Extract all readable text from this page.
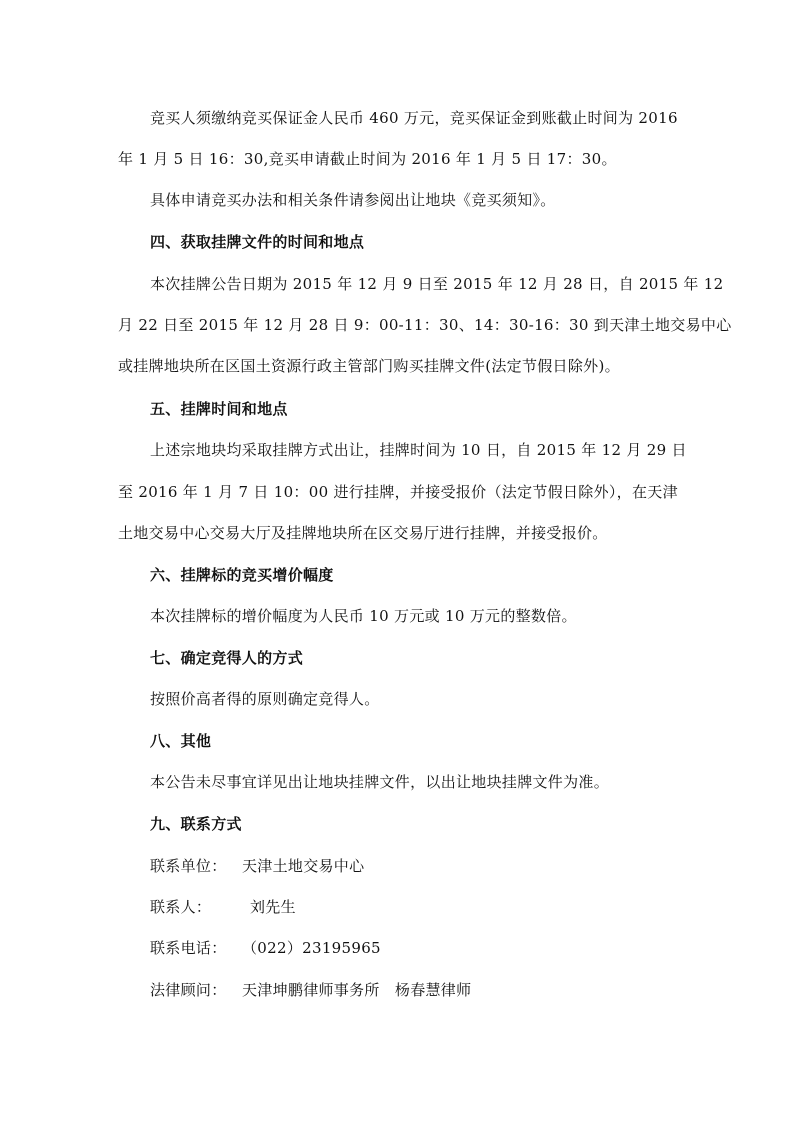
竞买人须缴纳竞买保证金人民币 460 万元，竞买保证金到账截止时间为 2016
年 1 月 5 日 16：30,竞买申请截止时间为 2016 年 1 月 5 日 17：30。
具体申请竞买办法和相关条件请参阅出让地块《竞买须知》。
四、获取挂牌文件的时间和地点
本次挂牌公告日期为 2015 年 12 月 9 日至 2015 年 12 月 28 日，自 2015 年 12
月 22 日至 2015 年 12 月 28 日 9：00-11：30、14：30-16：30 到天津土地交易中心
或挂牌地块所在区国土资源行政主管部门购买挂牌文件(法定节假日除外)。
五、挂牌时间和地点
上述宗地块均采取挂牌方式出让，挂牌时间为 10 日，自 2015 年 12 月 29 日
至 2016 年 1 月 7 日 10：00 进行挂牌，并接受报价（法定节假日除外），在天津
土地交易中心交易大厅及挂牌地块所在区交易厅进行挂牌，并接受报价。
六、挂牌标的竞买增价幅度
本次挂牌标的增价幅度为人民币 10 万元或 10 万元的整数倍。
七、确定竞得人的方式
按照价高者得的原则确定竞得人。
八、其他
本公告未尽事宜详见出让地块挂牌文件，以出让地块挂牌文件为准。
九、联系方式
联系单位： 天津土地交易中心
联系人：	刘先生
联系电话： （022）23195965
法律顾问： 天津坤鹏律师事务所   杨春慧律师
